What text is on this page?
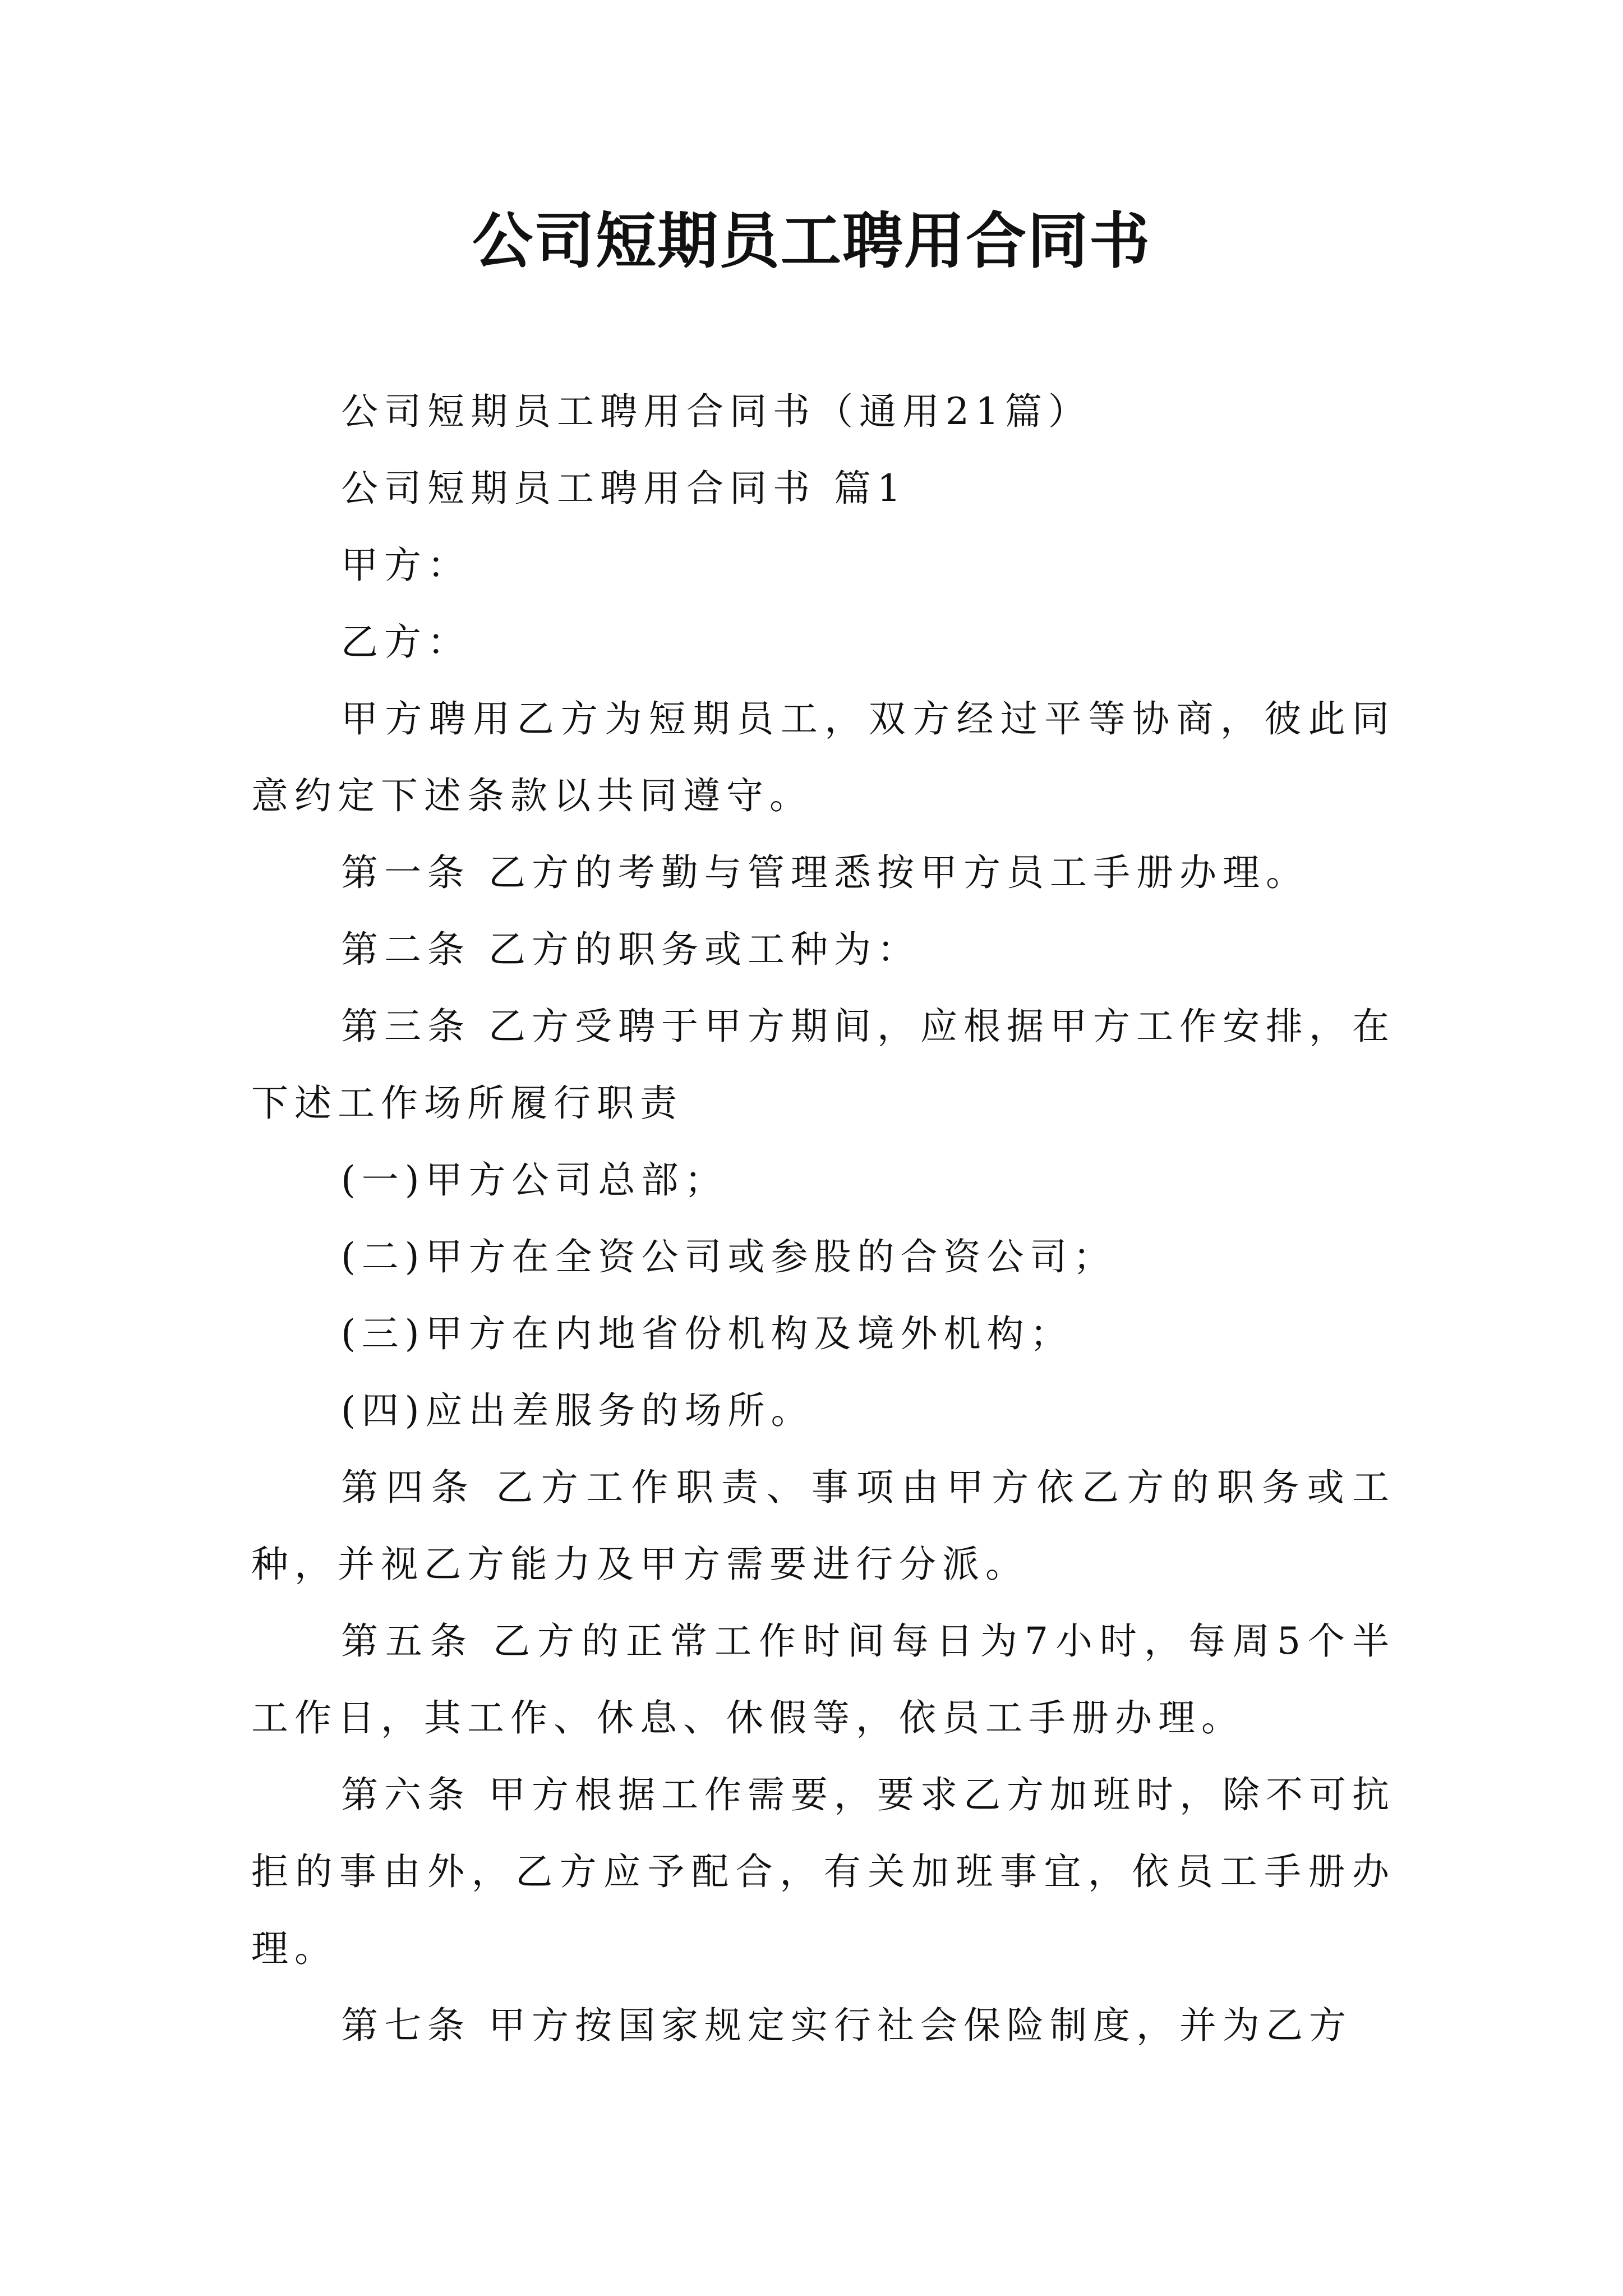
公司短期员工聘用合同书

公司短期员工聘用合同书（通用21篇）

公司短期员工聘用合同书 篇1

甲方：

乙方：

甲方聘用乙方为短期员工，双方经过平等协商，彼此同意约定下述条款以共同遵守。

第一条 乙方的考勤与管理悉按甲方员工手册办理。

第二条 乙方的职务或工种为：

第三条 乙方受聘于甲方期间，应根据甲方工作安排，在下述工作场所履行职责

(一)甲方公司总部；

(二)甲方在全资公司或参股的合资公司；

(三)甲方在内地省份机构及境外机构；

(四)应出差服务的场所。

第四条 乙方工作职责、事项由甲方依乙方的职务或工种，并视乙方能力及甲方需要进行分派。

第五条 乙方的正常工作时间每日为7小时，每周5个半工作日，其工作、休息、休假等，依员工手册办理。

第六条 甲方根据工作需要，要求乙方加班时，除不可抗拒的事由外，乙方应予配合，有关加班事宜，依员工手册办理。

第七条 甲方按国家规定实行社会保险制度，并为乙方
